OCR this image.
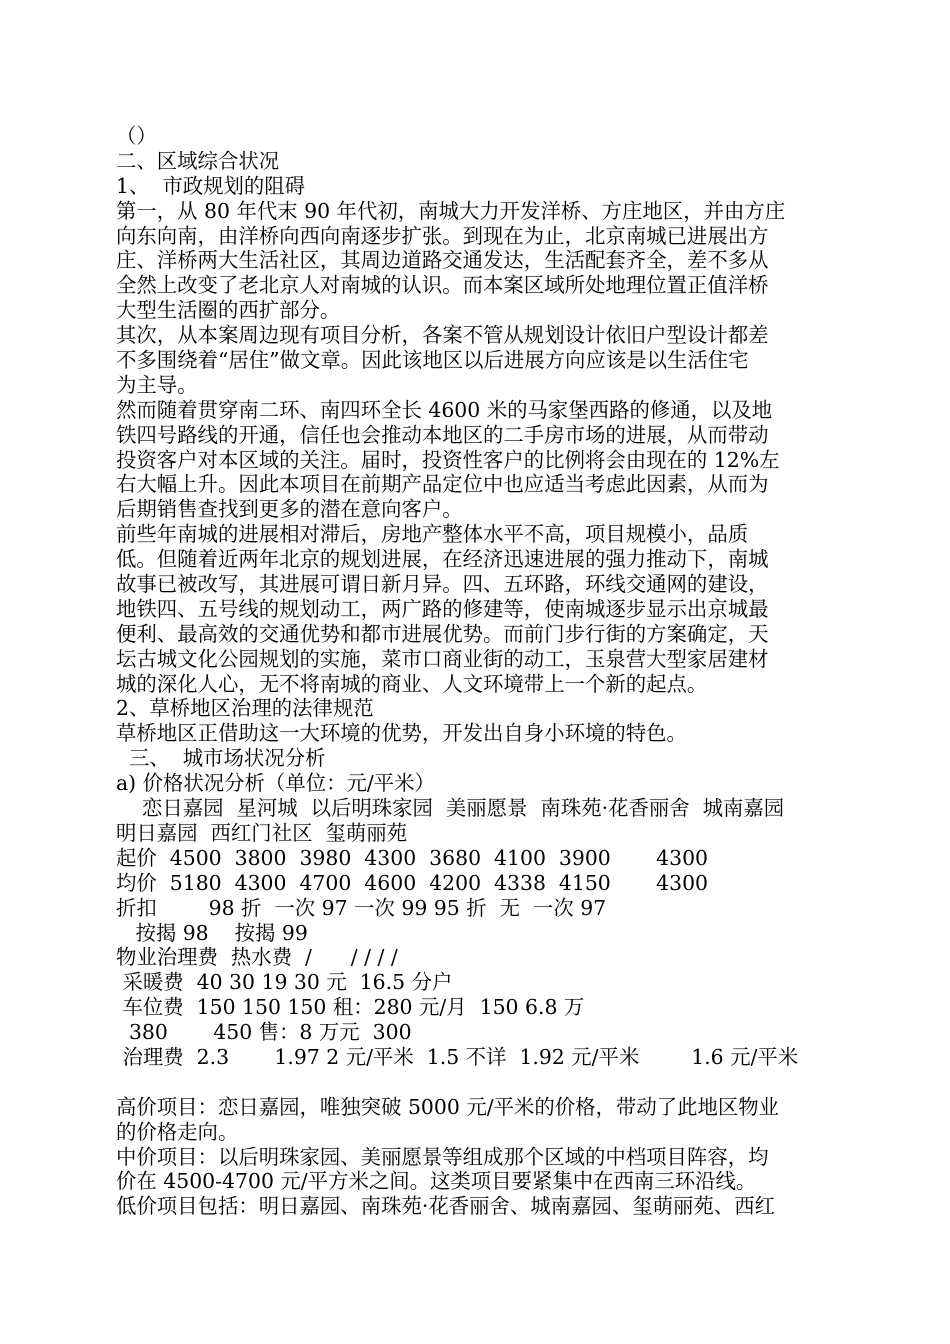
（）
二、区域综合状况
1、  市政规划的阻碍
第一，从 80 年代末 90 年代初，南城大力开发洋桥、方庄地区，并由方庄
向东向南，由洋桥向西向南逐步扩张。到现在为止，北京南城已进展出方
庄、洋桥两大生活社区，其周边道路交通发达，生活配套齐全，差不多从
全然上改变了老北京人对南城的认识。而本案区域所处地理位置正值洋桥
大型生活圈的西扩部分。
其次，从本案周边现有项目分析，各案不管从规划设计依旧户型设计都差
不多围绕着“居住”做文章。因此该地区以后进展方向应该是以生活住宅
为主导。
然而随着贯穿南二环、南四环全长 4600 米的马家堡西路的修通，以及地
铁四号路线的开通，信任也会推动本地区的二手房市场的进展，从而带动
投资客户对本区域的关注。届时，投资性客户的比例将会由现在的 12%左
右大幅上升。因此本项目在前期产品定位中也应适当考虑此因素，从而为
后期销售查找到更多的潜在意向客户。
前些年南城的进展相对滞后，房地产整体水平不高，项目规模小，品质
低。但随着近两年北京的规划进展，在经济迅速进展的强力推动下，南城
故事已被改写，其进展可谓日新月异。四、五环路，环线交通网的建设，
地铁四、五号线的规划动工，两广路的修建等，使南城逐步显示出京城最
便利、最高效的交通优势和都市进展优势。而前门步行街的方案确定，天
坛古城文化公园规划的实施，菜市口商业街的动工，玉泉营大型家居建材
城的深化人心，无不将南城的商业、人文环境带上一个新的起点。
2、草桥地区治理的法律规范
草桥地区正借助这一大环境的优势，开发出自身小环境的特色。
三、  城市场状况分析
a) 价格状况分析（单位：元/平米）
恋日嘉园  星河城  以后明珠家园  美丽愿景  南珠苑·花香丽舍  城南嘉园
明日嘉园  西红门社区  玺萌丽苑
起价  4500  3800  3980  4300  3680  4100  3900       4300
均价  5180  4300  4700  4600  4200  4338  4150       4300
折扣        98 折  一次 97 一次 99 95 折  无  一次 97
按揭 98    按揭 99
物业治理费  热水费  /      / / / /
采暖费  40 30 19 30 元  16.5 分户
车位费  150 150 150 租：280 元/月  150 6.8 万
380       450 售：8 万元  300
治理费  2.3       1.97 2 元/平米  1.5 不详  1.92 元/平米        1.6 元/平米
高价项目：恋日嘉园，唯独突破 5000 元/平米的价格，带动了此地区物业
的价格走向。
中价项目：以后明珠家园、美丽愿景等组成那个区域的中档项目阵容，均
价在 4500-4700 元/平方米之间。这类项目要紧集中在西南三环沿线。
低价项目包括：明日嘉园、南珠苑·花香丽舍、城南嘉园、玺萌丽苑、西红
